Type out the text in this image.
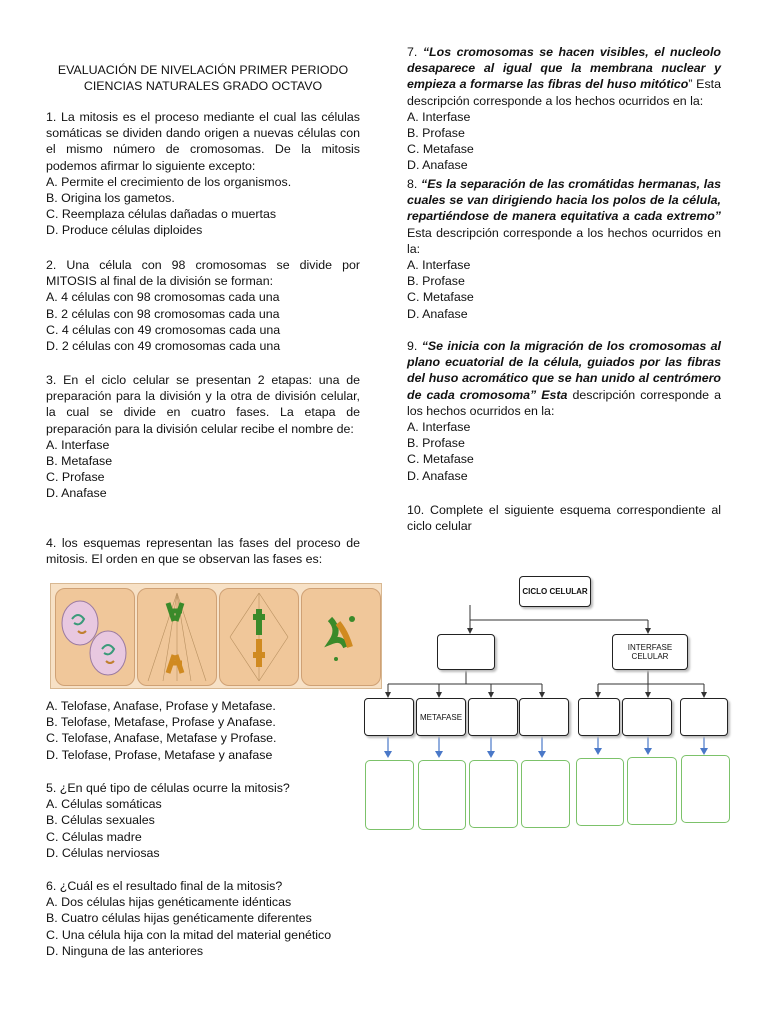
EVALUACIÓN DE NIVELACIÓN PRIMER PERIODO
CIENCIAS NATURALES GRADO OCTAVO

1. La mitosis es el proceso mediante el cual las células somáticas se dividen dando origen a nuevas células con el mismo número de cromosomas. De la mitosis podemos afirmar lo siguiente excepto:

A. Permite el crecimiento de los organismos.
B. Origina los gametos.
C. Reemplaza células dañadas o muertas
D. Produce células diploides

2. Una célula con 98 cromosomas se divide por MITOSIS al final de la división se forman:

A. 4 células con 98 cromosomas cada una
B. 2 células con 98 cromosomas cada una
C. 4 células con 49 cromosomas cada una
D. 2 células con 49 cromosomas cada una

3. En el ciclo celular se presentan 2 etapas: una de preparación para la división y la otra de división celular, la cual se divide en cuatro fases. La etapa de preparación para la división celular recibe el nombre de:

A. Interfase
B. Metafase
C. Profase
D. Anafase

4. los esquemas representan las fases del proceso de mitosis. El orden en que se observan las fases es:

A. Telofase, Anafase, Profase y Metafase.
B. Telofase, Metafase, Profase y Anafase.
C. Telofase, Anafase, Metafase y Profase.
D. Telofase, Profase, Metafase y anafase

5. ¿En qué tipo de células ocurre la mitosis?

A. Células somáticas
B. Células sexuales
C. Células madre
D. Células nerviosas

6. ¿Cuál es el resultado final de la mitosis?

A. Dos células hijas genéticamente idénticas
B. Cuatro células hijas genéticamente diferentes
C. Una célula hija con la mitad del material genético
D. Ninguna de las anteriores

7. “Los cromosomas se hacen visibles, el nucleolo desaparece al igual que la membrana nuclear y empieza a formarse las fibras del huso mitótico” Esta descripción corresponde a los hechos ocurridos en la:

A. Interfase
B. Profase
C. Metafase
D. Anafase

8. “Es la separación de las cromátidas hermanas, las cuales se van dirigiendo hacia los polos de la célula, repartiéndose de manera equitativa a cada extremo” Esta descripción corresponde a los hechos ocurridos en la:

A. Interfase
B. Profase
C. Metafase
D. Anafase

9. “Se inicia con la migración de los cromosomas al plano ecuatorial de la célula, guiados por las fibras del huso acromático que se han unido al centrómero de cada cromosoma” Esta descripción corresponde a los hechos ocurridos en la:

A. Interfase
B. Profase
C. Metafase
D. Anafase

10. Complete el siguiente esquema correspondiente al ciclo celular

CICLO CELULAR
INTERFASE CELULAR
METAFASE
